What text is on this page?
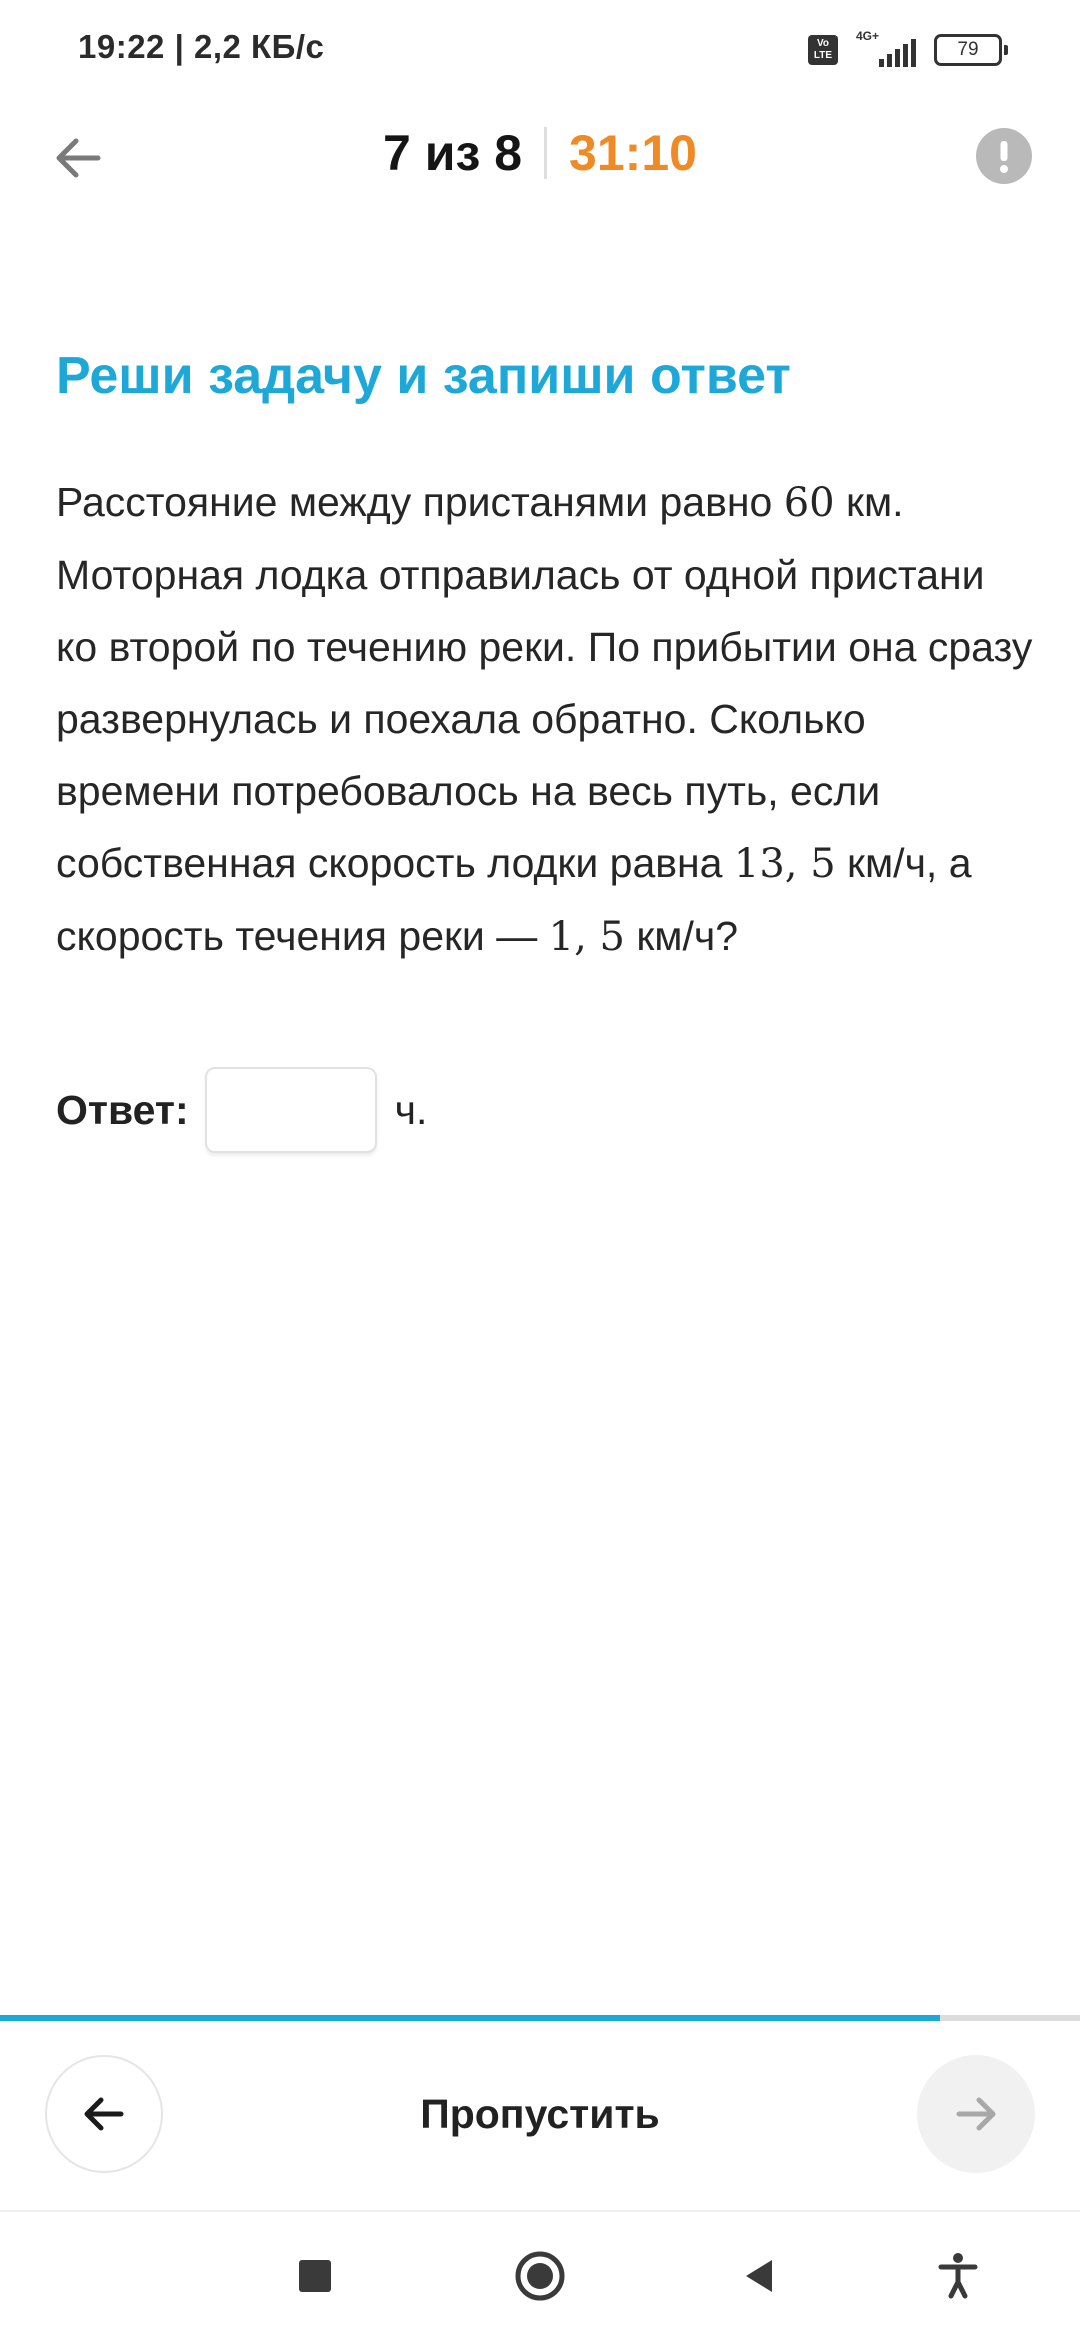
19:22 | 2,2 КБ/с	Vo LTE
4G+
79
7 из 8 31:10
Реши задачу и запиши ответ
Расстояние между пристанями равно 60 км. Моторная лодка отправилась от одной пристани ко второй по течению реки. По прибытии она сразу развернулась и поехала обратно. Сколько времени потребовалось на весь путь, если собственная скорость лодки равна 13, 5 км/ч, а скорость течения реки — 1, 5 км/ч?
Ответ:	ч.
Пропустить
